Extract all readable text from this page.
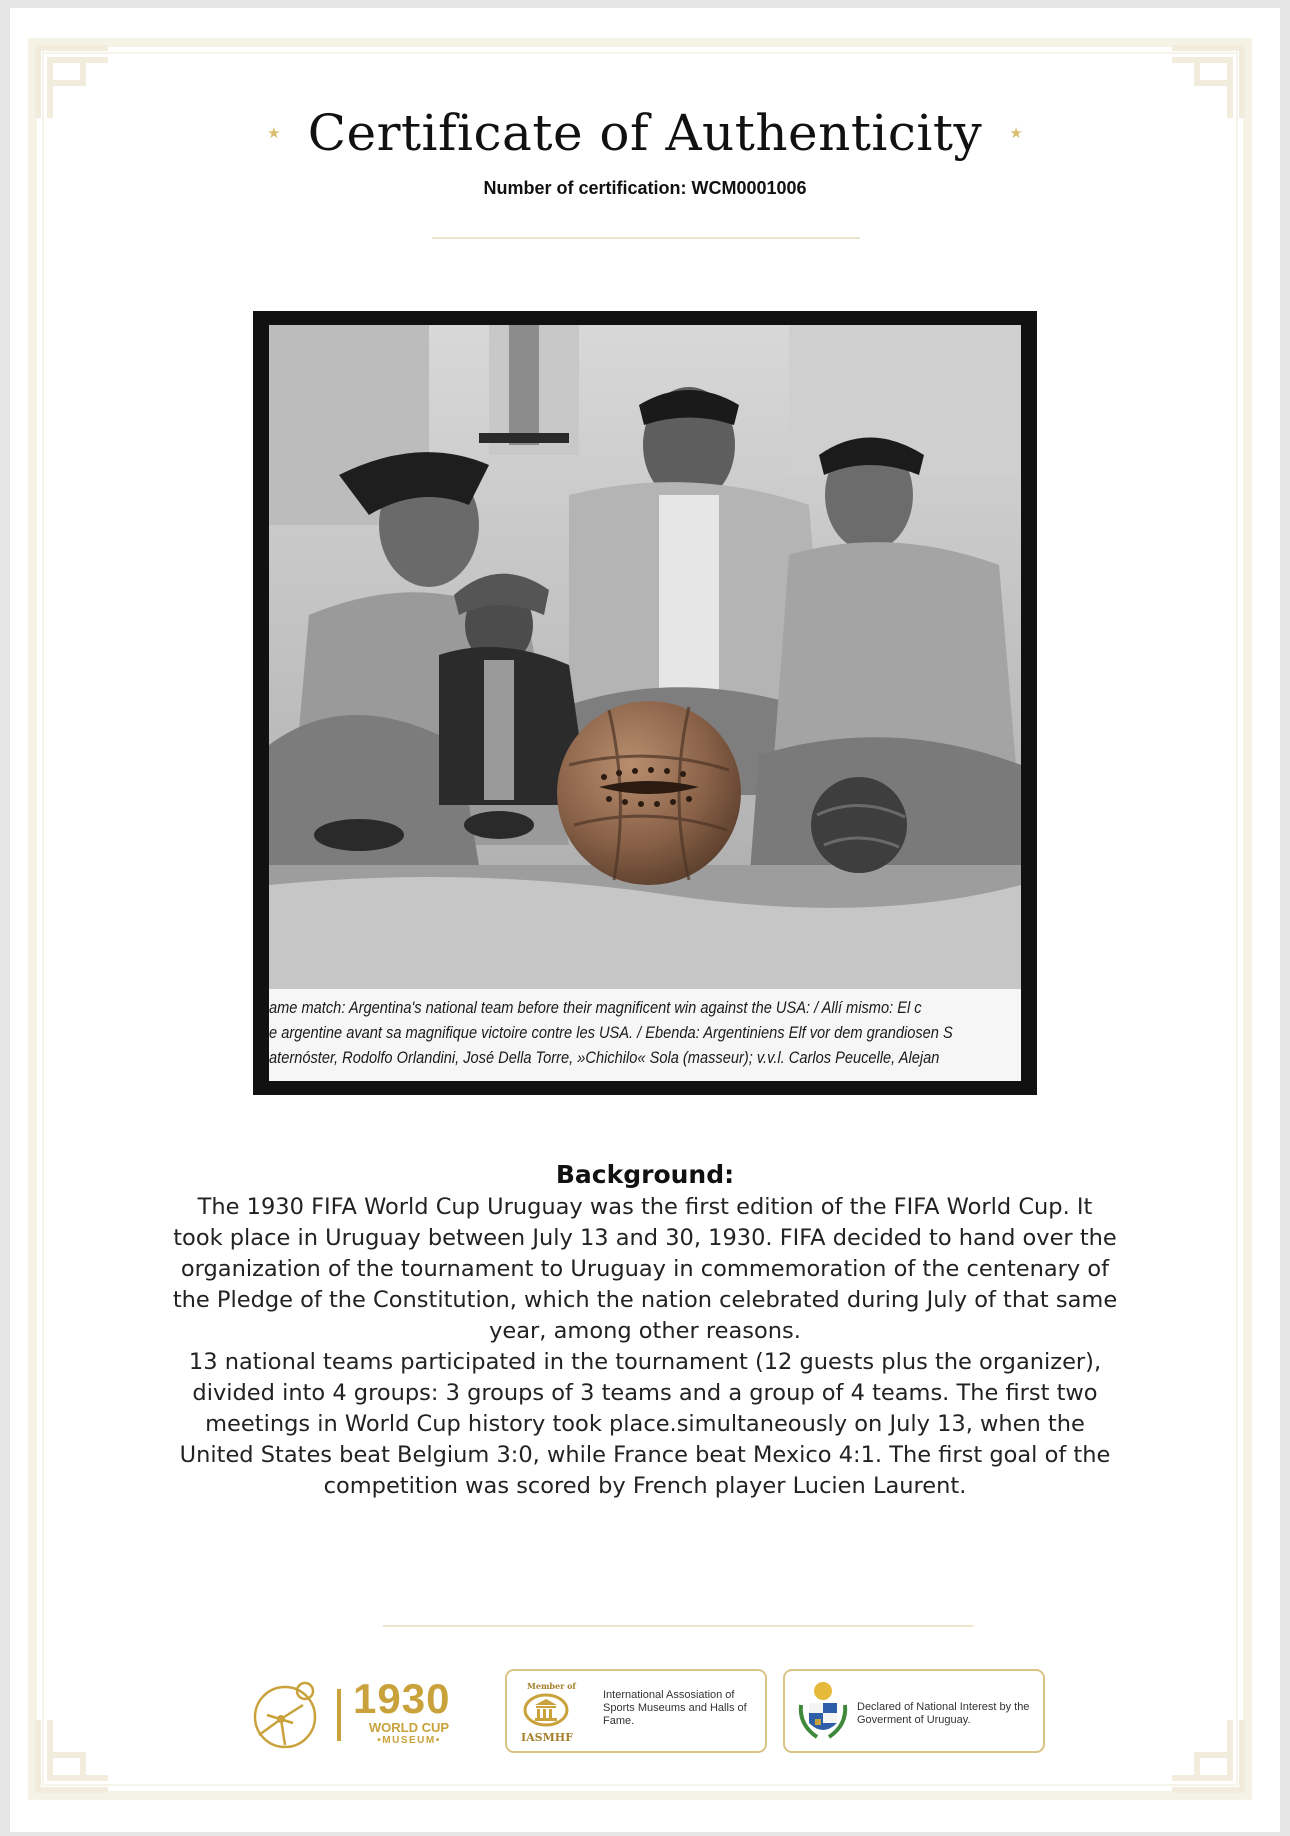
★ Certificate of Authenticity ★
Number of certification: WCM0001006
ame match: Argentina's national team before their magnificent win against the USA: / Allí mismo: El c
e argentine avant sa magnifique victoire contre les USA. / Ebenda: Argentiniens Elf vor dem grandiosen S
aternóster, Rodolfo Orlandini, José Della Torre, »Chichilo« Sola (masseur); v.v.l. Carlos Peucelle, Alejan
Background:

The 1930 FIFA World Cup Uruguay was the first edition of the FIFA World Cup. It took place in Uruguay between July 13 and 30, 1930. FIFA decided to hand over the organization of the tournament to Uruguay in commemoration of the centenary of the Pledge of the Constitution, which the nation celebrated during July of that same year, among other reasons.

13 national teams participated in the tournament (12 guests plus the organizer), divided into 4 groups: 3 groups of 3 teams and a group of 4 teams. The first two meetings in World Cup history took place.simultaneously on July 13, when the United States beat Belgium 3:0, while France beat Mexico 4:1. The first goal of the competition was scored by French player Lucien Laurent.

1930
WORLD CUP
•MUSEUM•
Member of
IASMHF
International Assosiation of Sports Museums and Halls of Fame.
Declared of National Interest by the Goverment of Uruguay.
